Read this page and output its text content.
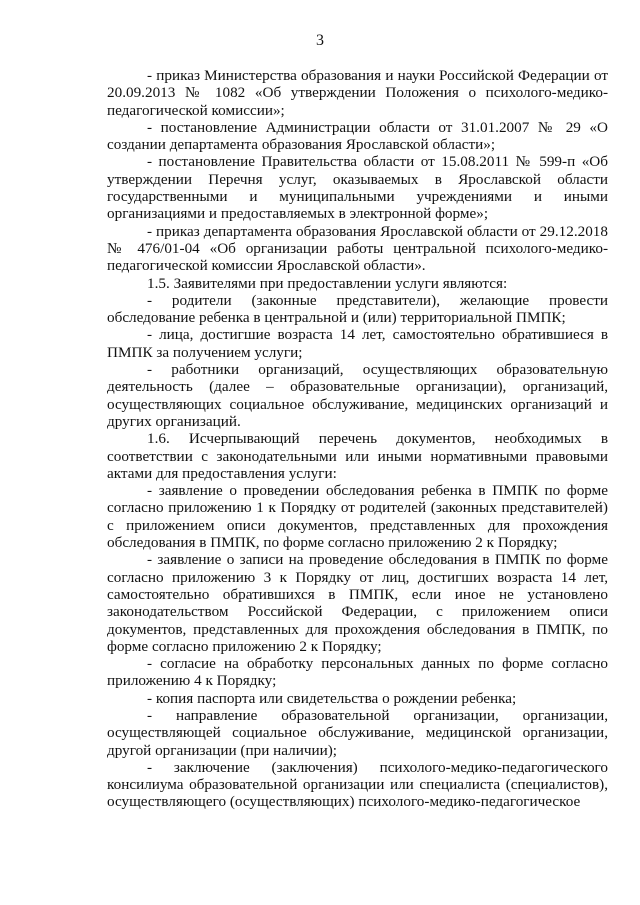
3

- приказ Министерства образования и науки Российской Федерации от 20.09.2013 № 1082 «Об утверждении Положения о психолого-медико-педагогической комиссии»;

- постановление Администрации области от 31.01.2007 № 29 «О создании департамента образования Ярославской области»;

- постановление Правительства области от 15.08.2011 № 599-п «Об утверждении Перечня услуг, оказываемых в Ярославской области государственными и муниципальными учреждениями и иными организациями и предоставляемых в электронной форме»;

- приказ департамента образования Ярославской области от 29.12.2018 № 476/01-04 «Об организации работы центральной психолого-медико-педагогической комиссии Ярославской области».

1.5. Заявителями при предоставлении услуги являются:

- родители (законные представители), желающие провести обследование ребенка в центральной и (или) территориальной ПМПК;

- лица, достигшие возраста 14 лет, самостоятельно обратившиеся в ПМПК за получением услуги;

- работники организаций, осуществляющих образовательную деятельность (далее – образовательные организации), организаций, осуществляющих социальное обслуживание, медицинских организаций и других организаций.

1.6. Исчерпывающий перечень документов, необходимых в соответствии с законодательными или иными нормативными правовыми актами для предоставления услуги:

- заявление о проведении обследования ребенка в ПМПК по форме согласно приложению 1 к Порядку от родителей (законных представителей) с приложением описи документов, представленных для прохождения обследования в ПМПК, по форме согласно приложению 2 к Порядку;

- заявление о записи на проведение обследования в ПМПК по форме согласно приложению 3 к Порядку от лиц, достигших возраста 14 лет, самостоятельно обратившихся в ПМПК, если иное не установлено законодательством Российской Федерации, с приложением описи документов, представленных для прохождения обследования в ПМПК, по форме согласно приложению 2 к Порядку;

- согласие на обработку персональных данных по форме согласно приложению 4 к Порядку;

- копия паспорта или свидетельства о рождении ребенка;

- направление образовательной организации, организации, осуществляющей социальное обслуживание, медицинской организации, другой организации (при наличии);

- заключение (заключения) психолого-медико-педагогического консилиума образовательной организации или специалиста (специалистов), осуществляющего (осуществляющих) психолого-медико-педагогическое
